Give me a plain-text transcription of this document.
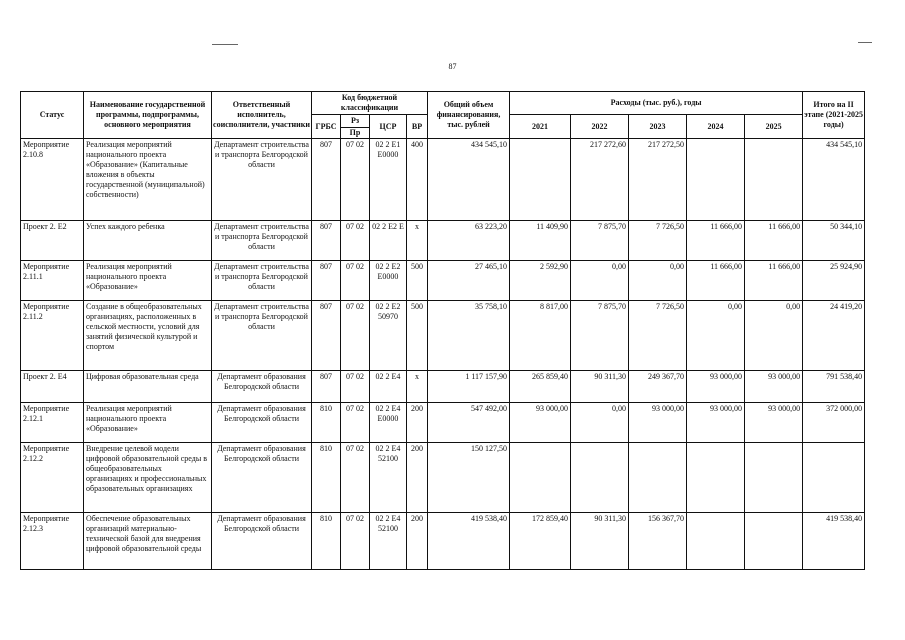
87
Статус	Наименование государственной программы, подпрограммы, основного мероприятия	Ответственный исполнитель, соисполнители, участники	Код бюджетной классификации				Общий объем финансирования, тыс. рублей	Расходы (тыс. руб.), годы					Итого на II этапе (2021-2025 годы)
			ГРБС	Рз	ЦСР	ВР		2021	2022	2023	2024	2025	
				Пр									
Мероприятие 2.10.8	Реализация мероприятий национального проекта «Образование» (Капитальные вложения в объекты государственной (муниципальной) собственности)	Департамент строительства и транспорта Белгородской области	807	07 02	02 2 E1 E0000	400	434 545,10		217 272,60	217 272,50			434 545,10
Проект 2. Е2	Успех каждого ребенка	Департамент строительства и транспорта Белгородской области	807	07 02	02 2 E2 E	х	63 223,20	11 409,90	7 875,70	7 726,50	11 666,00	11 666,00	50 344,10
Мероприятие 2.11.1	Реализация мероприятий национального проекта «Образование»	Департамент строительства и транспорта Белгородской области	807	07 02	02 2 E2 E0000	500	27 465,10	2 592,90	0,00	0,00	11 666,00	11 666,00	25 924,90
Мероприятие 2.11.2	Создание в общеобразовательных организациях, расположенных в сельской местности, условий для занятий физической культурой и спортом	Департамент строительства и транспорта Белгородской области	807	07 02	02 2 E2 50970	500	35 758,10	8 817,00	7 875,70	7 726,50	0,00	0,00	24 419,20
Проект 2. Е4	Цифровая образовательная среда	Департамент образования Белгородской области	807	07 02	02 2 E4	х	1 117 157,90	265 859,40	90 311,30	249 367,70	93 000,00	93 000,00	791 538,40
Мероприятие 2.12.1	Реализация мероприятий национального проекта «Образование»	Департамент образования Белгородской области	810	07 02	02 2 E4 E0000	200	547 492,00	93 000,00	0,00	93 000,00	93 000,00	93 000,00	372 000,00
Мероприятие 2.12.2	Внедрение целевой модели цифровой образовательной среды в общеобразовательных организациях и профессиональных образовательных организациях	Департамент образования Белгородской области	810	07 02	02 2 E4 52100	200	150 127,50						
Мероприятие 2.12.3	Обеспечение образовательных организаций материально-технической базой для внедрения цифровой образовательной среды	Департамент образования Белгородской области	810	07 02	02 2 E4 52100	200	419 538,40	172 859,40	90 311,30	156 367,70			419 538,40
